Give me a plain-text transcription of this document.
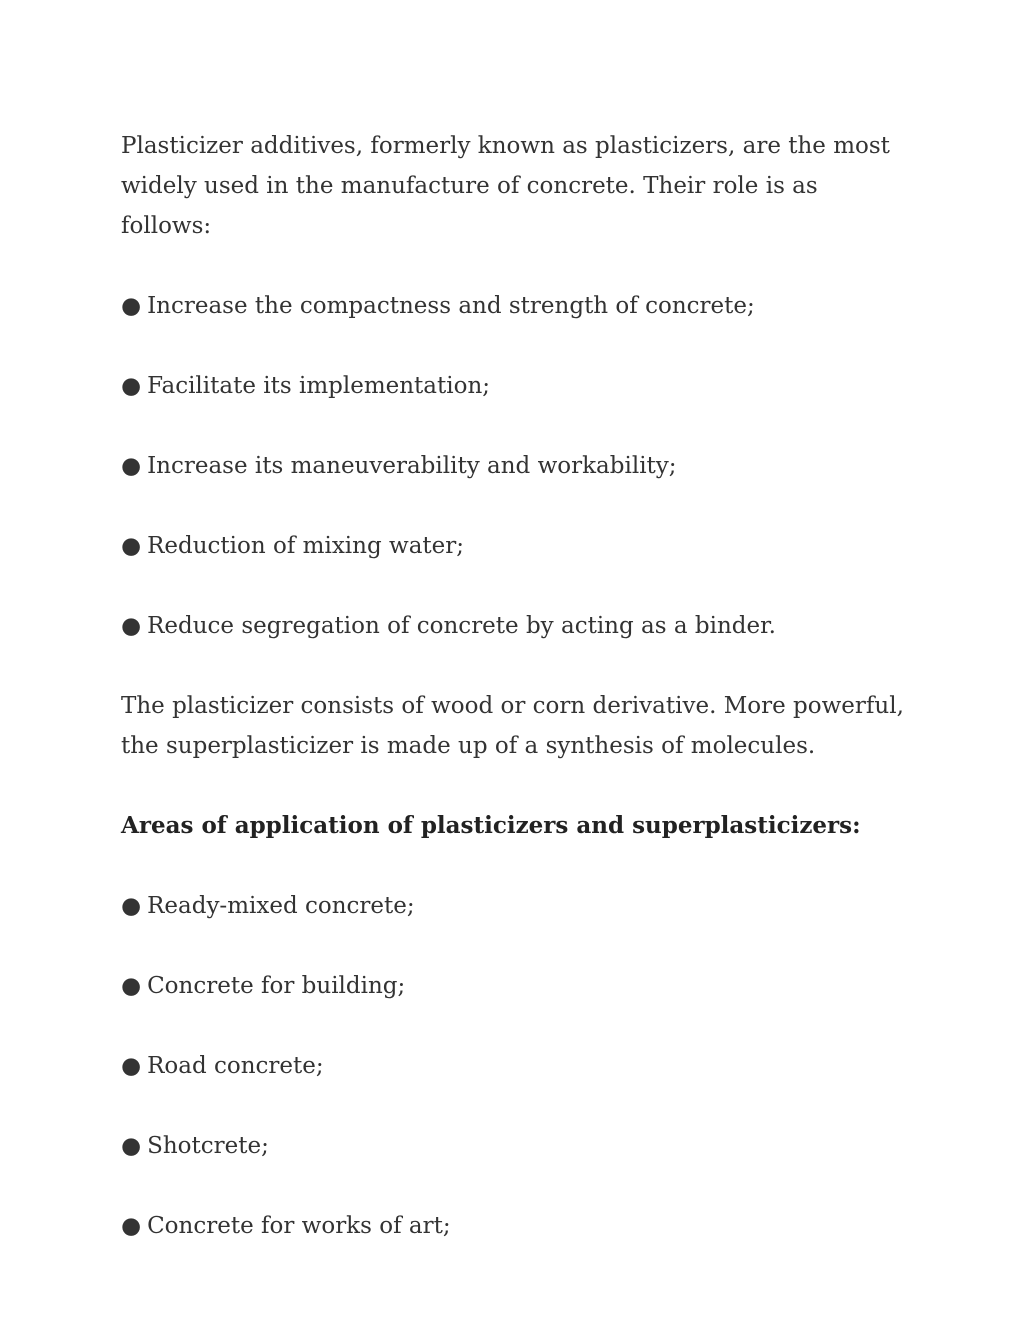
Plasticizer additives, formerly known as plasticizers, are the most widely used in the manufacture of concrete. Their role is as follows:

● Increase the compactness and strength of concrete;
● Facilitate its implementation;
● Increase its maneuverability and workability;
● Reduction of mixing water;
● Reduce segregation of concrete by acting as a binder.

The plasticizer consists of wood or corn derivative. More powerful, the superplasticizer is made up of a synthesis of molecules.

Areas of application of plasticizers and superplasticizers:

● Ready-mixed concrete;
● Concrete for building;
● Road concrete;
● Shotcrete;
● Concrete for works of art;
